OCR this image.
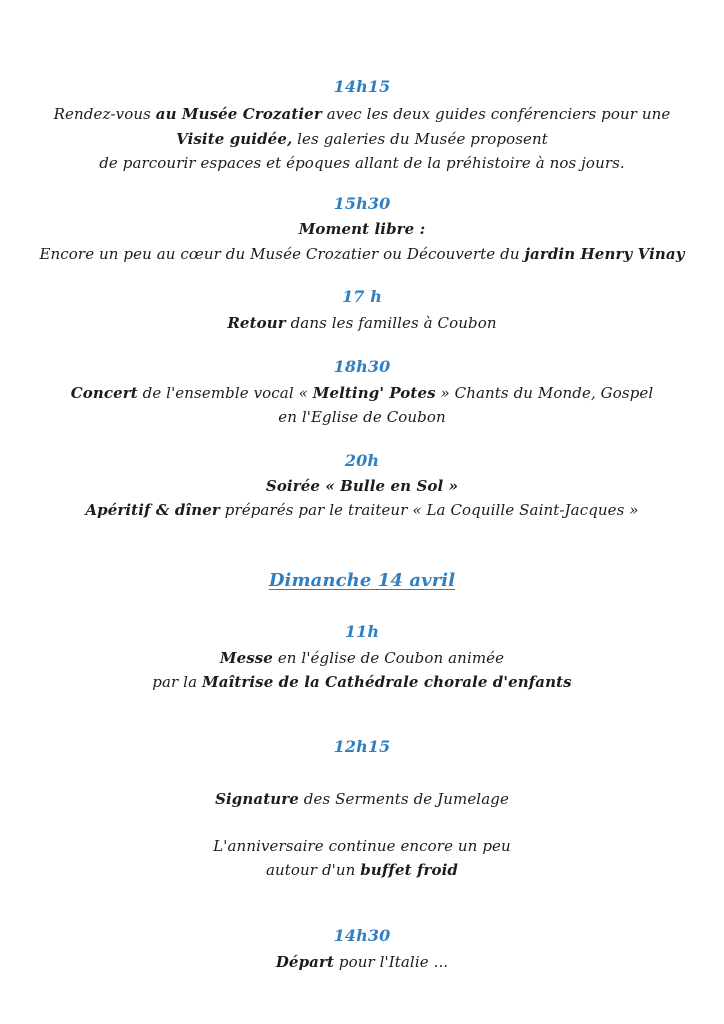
14h15
Rendez-vous au Musée Crozatier avec les deux guides conférenciers pour une
Visite guidée, les galeries du Musée proposent
de parcourir espaces et époques allant de la préhistoire à nos jours.
15h30
Moment libre :
Encore un peu au cœur du Musée Crozatier ou Découverte du jardin Henry Vinay
17 h
Retour dans les familles à Coubon
18h30
Concert de l'ensemble vocal « Melting' Potes » Chants du Monde, Gospel
en l'Eglise de Coubon
20h
Soirée « Bulle en Sol »
Apéritif & dîner préparés par le traiteur « La Coquille Saint-Jacques »
Dimanche 14 avril
11h
Messe en l'église de Coubon animée
par la Maîtrise de la Cathédrale chorale d'enfants
12h15
Signature des Serments de Jumelage
L'anniversaire continue encore un peu
autour d'un buffet froid
14h30
Départ pour l'Italie ...
